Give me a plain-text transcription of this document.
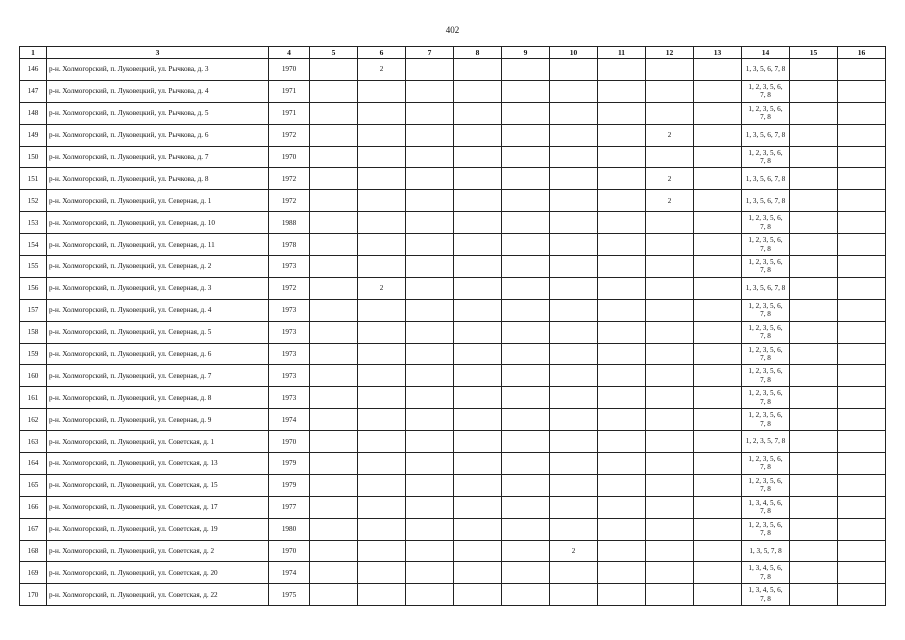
402
1	3	4	5	6	7	8	9	10	11	12	13	14	15	16
146	р-н. Холмогорский, п. Луковецкий, ул. Рычкова, д. 3	1970		2								1, 3, 5, 6, 7, 8		
147	р-н. Холмогорский, п. Луковецкий, ул. Рычкова, д. 4	1971										1, 2, 3, 5, 6, 7, 8		
148	р-н. Холмогорский, п. Луковецкий, ул. Рычкова, д. 5	1971										1, 2, 3, 5, 6, 7, 8		
149	р-н. Холмогорский, п. Луковецкий, ул. Рычкова, д. 6	1972								2		1, 3, 5, 6, 7, 8		
150	р-н. Холмогорский, п. Луковецкий, ул. Рычкова, д. 7	1970										1, 2, 3, 5, 6, 7, 8		
151	р-н. Холмогорский, п. Луковецкий, ул. Рычкова, д. 8	1972								2		1, 3, 5, 6, 7, 8		
152	р-н. Холмогорский, п. Луковецкий, ул. Северная, д. 1	1972								2		1, 3, 5, 6, 7, 8		
153	р-н. Холмогорский, п. Луковецкий, ул. Северная, д. 10	1988										1, 2, 3, 5, 6, 7, 8		
154	р-н. Холмогорский, п. Луковецкий, ул. Северная, д. 11	1978										1, 2, 3, 5, 6, 7, 8		
155	р-н. Холмогорский, п. Луковецкий, ул. Северная, д. 2	1973										1, 2, 3, 5, 6, 7, 8		
156	р-н. Холмогорский, п. Луковецкий, ул. Северная, д. 3	1972		2								1, 3, 5, 6, 7, 8		
157	р-н. Холмогорский, п. Луковецкий, ул. Северная, д. 4	1973										1, 2, 3, 5, 6, 7, 8		
158	р-н. Холмогорский, п. Луковецкий, ул. Северная, д. 5	1973										1, 2, 3, 5, 6, 7, 8		
159	р-н. Холмогорский, п. Луковецкий, ул. Северная, д. 6	1973										1, 2, 3, 5, 6, 7, 8		
160	р-н. Холмогорский, п. Луковецкий, ул. Северная, д. 7	1973										1, 2, 3, 5, 6, 7, 8		
161	р-н. Холмогорский, п. Луковецкий, ул. Северная, д. 8	1973										1, 2, 3, 5, 6, 7, 8		
162	р-н. Холмогорский, п. Луковецкий, ул. Северная, д. 9	1974										1, 2, 3, 5, 6, 7, 8		
163	р-н. Холмогорский, п. Луковецкий, ул. Советская, д. 1	1970										1, 2, 3, 5, 7, 8		
164	р-н. Холмогорский, п. Луковецкий, ул. Советская, д. 13	1979										1, 2, 3, 5, 6, 7, 8		
165	р-н. Холмогорский, п. Луковецкий, ул. Советская, д. 15	1979										1, 2, 3, 5, 6, 7, 8		
166	р-н. Холмогорский, п. Луковецкий, ул. Советская, д. 17	1977										1, 3, 4, 5, 6, 7, 8		
167	р-н. Холмогорский, п. Луковецкий, ул. Советская, д. 19	1980										1, 2, 3, 5, 6, 7, 8		
168	р-н. Холмогорский, п. Луковецкий, ул. Советская, д. 2	1970						2				1, 3, 5, 7, 8		
169	р-н. Холмогорский, п. Луковецкий, ул. Советская, д. 20	1974										1, 3, 4, 5, 6, 7, 8		
170	р-н. Холмогорский, п. Луковецкий, ул. Советская, д. 22	1975										1, 3, 4, 5, 6, 7, 8		
